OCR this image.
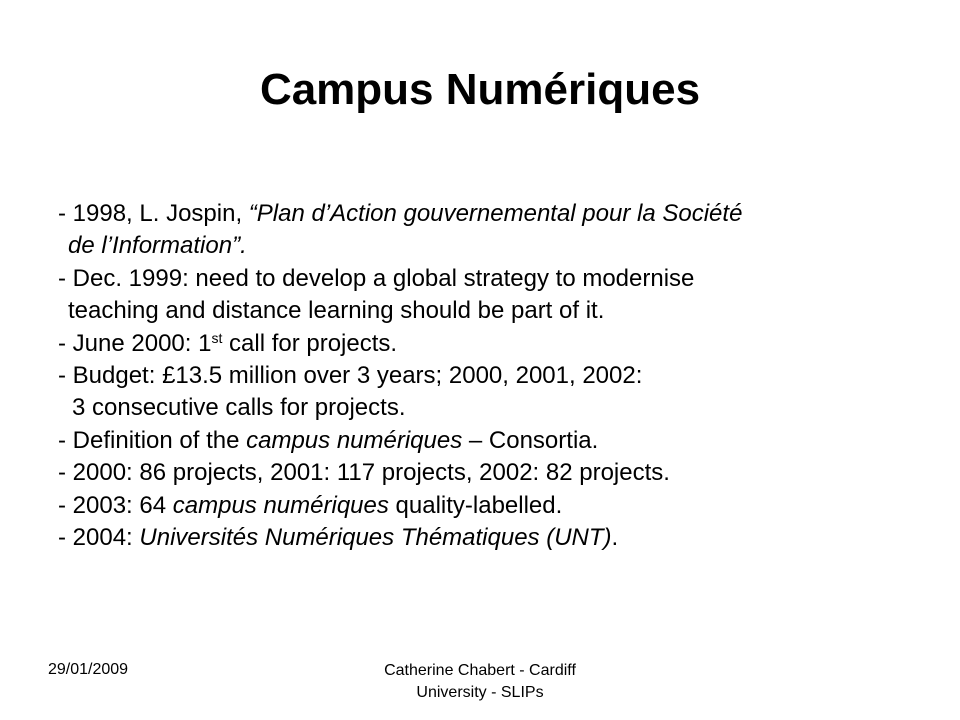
Campus Numériques
- 1998, L. Jospin, “Plan d’Action gouvernemental pour la Société
de l’Information”.
- Dec. 1999: need to develop a global strategy to modernise
teaching and distance learning should be part of it.
- June 2000: 1st call for projects.
- Budget: £13.5 million over 3 years; 2000, 2001, 2002:
3 consecutive calls for projects.
- Definition of the campus numériques – Consortia.
- 2000: 86 projects, 2001: 117 projects, 2002: 82 projects.
- 2003: 64 campus numériques quality-labelled.
- 2004: Universités Numériques Thématiques (UNT).
29/01/2009	Catherine Chabert - Cardiff
University - SLIPs
